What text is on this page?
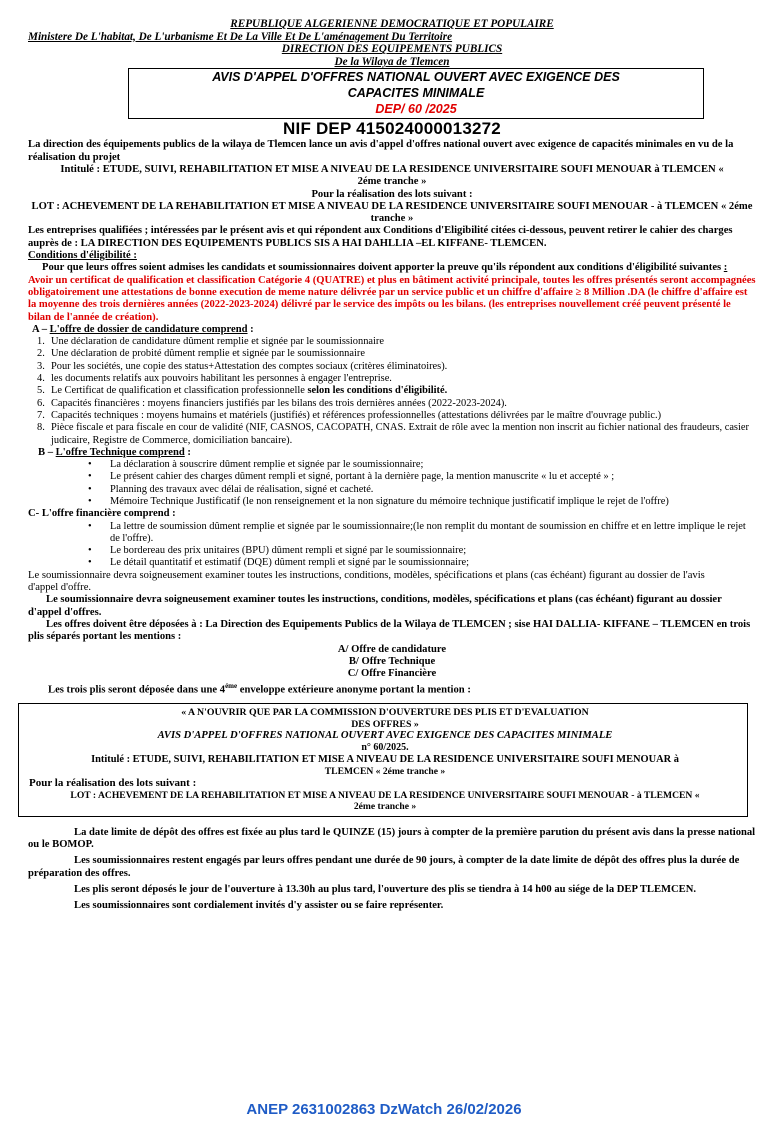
REPUBLIQUE ALGERIENNE DEMOCRATIQUE ET POPULAIRE
Ministere De L'habitat, De L'urbanisme Et De La Ville Et De L'aménagement Du Territoire
DIRECTION DES EQUIPEMENTS PUBLICS
De la Wilaya de Tlemcen
AVIS D'APPEL D'OFFRES NATIONAL OUVERT AVEC EXIGENCE DES
CAPACITES MINIMALE
DEP/ 60 /2025
NIF DEP 415024000013272
La direction des équipements publics de la wilaya de Tlemcen lance un avis d'appel d'offres national ouvert avec exigence de capacités minimales en vu de la réalisation du projet
Intitulé : ETUDE, SUIVI, REHABILITATION ET MISE A NIVEAU DE LA RESIDENCE UNIVERSITAIRE SOUFI MENOUAR à TLEMCEN « 2éme tranche »
Pour la réalisation des lots suivant :
LOT : ACHEVEMENT DE LA REHABILITATION ET MISE A NIVEAU DE LA RESIDENCE UNIVERSITAIRE SOUFI MENOUAR - à TLEMCEN « 2éme tranche »
Les entreprises qualifiées ; intéressées par le présent avis et qui répondent aux Conditions d'Eligibilité citées ci-dessous, peuvent retirer le cahier des charges auprès de : LA DIRECTION DES EQUIPEMENTS PUBLICS SIS A HAI DAHLLIA –EL KIFFANE- TLEMCEN.
Conditions d'éligibilité :
Pour que leurs offres soient admises les candidats et soumissionnaires doivent apporter la preuve qu'ils répondent aux conditions d'éligibilité suivantes :
Avoir un certificat de qualification et classification Catégorie 4 (QUATRE) et plus en bâtiment activité principale, toutes les offres présentés seront accompagnées obligatoirement une attestations de bonne execution de meme nature délivrée par un service public et un chiffre d'affaire ≥ 8 Million .DA (le chiffre d'affaire est la moyenne des trois dernières années (2022-2023-2024) délivré par le service des impôts ou les bilans. (les entreprises nouvellement créé peuvent présenté le bilan de l'année de création).
A – L'offre de dossier de candidature comprend :
1. Une déclaration de candidature dûment remplie et signée par le soumissionnaire
2. Une déclaration de probité dûment remplie et signée par le soumissionnaire
3. Pour les sociétés, une copie des status+Attestation des comptes sociaux (critères éliminatoires).
4. les documents relatifs aux pouvoirs habilitant les personnes à engager l'entreprise.
5. Le Certificat de qualification et classification professionnelle selon les conditions d'éligibilité.
6. Capacités financières : moyens financiers justifiés par les bilans des trois dernières années (2022-2023-2024).
7. Capacités techniques : moyens humains et matériels (justifiés) et références professionnelles (attestations délivrées par le maître d'ouvrage public.)
8. Pièce fiscale et para fiscale en cour de validité (NIF, CASNOS, CACOPATH, CNAS. Extrait de rôle avec la mention non inscrit au fichier national des fraudeurs, casier judicaire, Registre de Commerce, domiciliation bancaire).
B – L'offre Technique comprend :
• La déclaration à souscrire dûment remplie et signée par le soumissionnaire;
• Le présent cahier des charges dûment rempli et signé, portant à la dernière page, la mention manuscrite « lu et accepté » ;
• Planning des travaux avec délai de réalisation, signé et cacheté.
• Mémoire Technique Justificatif (le non renseignement et la non signature du mémoire technique justificatif implique le rejet de l'offre)
C- L'offre financière comprend :
• La lettre de soumission dûment remplie et signée par le soumissionnaire;(le non remplit du montant de soumission en chiffre et en lettre implique le rejet de l'offre).
• Le bordereau des prix unitaires (BPU) dûment rempli et signé par le soumissionnaire;
• Le détail quantitatif et estimatif (DQE) dûment rempli et signé par le soumissionnaire;
Le soumissionnaire devra soigneusement examiner toutes les instructions, conditions, modèles, spécifications et plans (cas échéant) figurant au dossier de l'avis d'appel d'offre.
Le soumissionnaire devra soigneusement examiner toutes les instructions, conditions, modèles, spécifications et plans (cas échéant) figurant au dossier d'appel d'offres.
Les offres doivent être déposées à : La Direction des Equipements Publics de la Wilaya de TLEMCEN ; sise HAI DALLIA- KIFFANE – TLEMCEN en trois plis séparés portant les mentions :
A/ Offre de candidature
B/ Offre Technique
C/ Offre Financière
Les trois plis seront déposée dans une $4^{éme}$ enveloppe extérieure anonyme portant la mention :
« A N'OUVRIR QUE PAR LA COMMISSION D'OUVERTURE DES PLIS ET D'EVALUATION
DES OFFRES »
AVIS D'APPEL D'OFFRES NATIONAL OUVERT AVEC EXIGENCE DES CAPACITES MINIMALE
n° 60/2025.
Intitulé : ETUDE, SUIVI, REHABILITATION ET MISE A NIVEAU DE LA RESIDENCE UNIVERSITAIRE SOUFI MENOUAR à
TLEMCEN « 2éme tranche »
Pour la réalisation des lots suivant :
LOT : ACHEVEMENT DE LA REHABILITATION ET MISE A NIVEAU DE LA RESIDENCE UNIVERSITAIRE SOUFI MENOUAR - à TLEMCEN «
2éme tranche »
La date limite de dépôt des offres est fixée au plus tard le QUINZE (15) jours à compter de la première parution du présent avis dans la presse national ou le BOMOP.
Les soumissionnaires restent engagés par leurs offres pendant une durée de 90 jours, à compter de la date limite de dépôt des offres plus la durée de préparation des offres.
Les plis seront déposés le jour de l'ouverture à 13.30h au plus tard, l'ouverture des plis se tiendra à 14 h00 au siége de la DEP TLEMCEN.
Les soumissionnaires sont cordialement invités d'y assister ou se faire représenter.
ANEP 2631002863 DzWatch 26/02/2026
